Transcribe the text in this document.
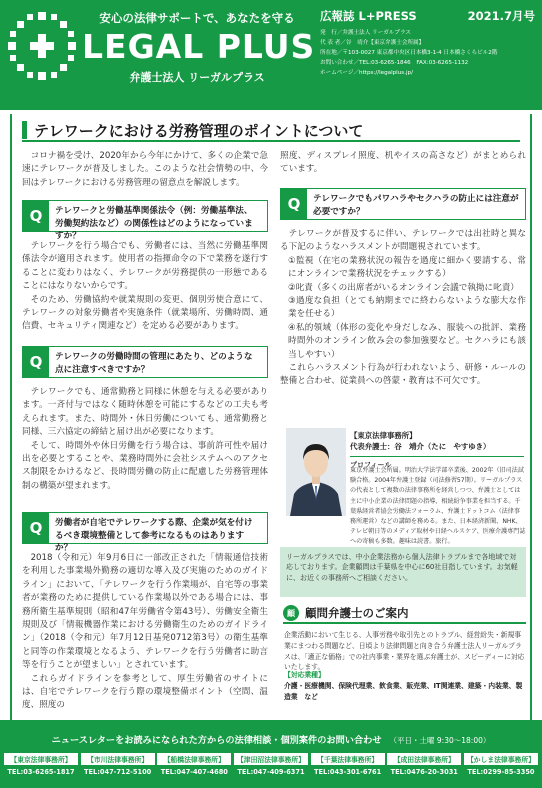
安心の法律サポートで、あなたを守る
LEGAL PLUS
弁護士法人 リーガルプラス
広報誌 L+PRESS	2021.7月号
発　行／弁護士法人 リーガルプラス
代 表 者／谷　靖介【東京弁護士会所属】
所在地／〒103-0027 東京都中央区日本橋3-1-4 日本橋さくらビル2階
お問い合わせ／TEL:03-6265-1846　FAX:03-6265-1132
ホームページ／https://legalplus.jp/
テレワークにおける労務管理のポイントについて

コロナ禍を受け、2020年から今年にかけて、多くの企業で急速にテレワークが普及しました。このような社会情勢の中、今回はテレワークにおける労務管理の留意点を解説します。

Q	テレワークと労働基準関係法令（例：労働基準法、労働契約法など）の関係性はどのようになっていますか？

テレワークを行う場合でも、労働者には、当然に労働基準関係法令が適用されます。使用者の指揮命令の下で業務を遂行することに変わりはなく、テレワークが労務提供の一形態であることにはなりないからです。

そのため、労働協約や就業規則の変更、個別労使合意にて、テレワークの対象労働者や実施条件（就業場所、労働時間、通信費、セキュリティ関連など）を定める必要があります。

Q	テレワークの労働時間の管理にあたり、どのような点に注意すべきですか？

テレワークでも、通常勤務と同様に休憩を与える必要があります。一斉付与ではなく随時休憩を可能にするなどの工夫も考えられます。また、時間外・休日労働についても、通常勤務と同様、三六協定の締結と届け出が必要になります。

そして、時間外や休日労働を行う場合は、事前許可性や届け出を必要とすることや、業務時間外に会社システムへのアクセス制限をかけるなど、長時間労働の防止に配慮した労務管理体制の構築が望まれます。

Q	労働者が自宅でテレワークする際、企業が気を付けるべき環境整備として参考になるものはありますか？

2018（令和元）年9月6日に一部改正された「情報通信技術を利用した事業場外勤務の適切な導入及び実施のためのガイドライン」において、「テレワークを行う作業場が、自宅等の事業者が業務のために提供している作業場以外である場合には、事務所衛生基準規則（昭和47年労働省令第43号）、労働安全衛生規則及び「情報機器作業における労働衛生のためのガイドライン」（2018（令和元）年7月12日基発0712第3号）の衛生基準と同等の作業環境となるよう、テレワークを行う労働者に助言等を行うことが望ましい」とされています。

これらガイドラインを参考として、厚生労働省のサイトには、自宅でテレワークを行う際の環境整備ポイント（空間、温度、照度の

照度、ディスプレイ照度、机やイスの高さなど）がまとめられています。

Q	テレワークでもパワハラやセクハラの防止には注意が必要ですか？

テレワークが普及するに伴い、テレワークでは出社時と異なる下記のようなハラスメントが問題視されています。

①監視（在宅の業務状況の報告を過度に細かく要請する、常にオンラインで業務状況をチェックする）
②叱責（多くの出席者がいるオンライン会議で執拗に叱責）
③過度な負担（とても納期までに終わらないような膨大な作業を任せる）
④私的領域（体形の変化や身だしなみ、服装への批評、業務時間外のオンライン飲み会の参加強要など。セクハラにも該当しやすい）

これらハラスメント行為が行われないよう、研修・ルールの整備と合わせ、従業員への啓蒙・教育は不可欠です。

【東京法律事務所】
代表弁護士：谷　靖介（たに　やすゆき）
プロフィール
東京弁護士会所属。明治大学法学部卒業後、2002年（旧司法試験合格。2004年弁護士登録（司法修習57期）。リーガルプラスの代表として複数の法律事務所を経営しつつ、弁護士としては主に中小企業の法律問題の指導、相続紛争事業を担当する。千葉県経営者協会労働法フォーラム、弁護士ドットコム（法律事務所運営）などの講師を務める。また、日本経済新聞、NHK、テレビ朝日等のメディア取材や日経ヘルスケア、医療介護専門誌への寄稿も多数。趣味は読書。旅行。
リーガルプラスでは、中小企業法務から個人法律トラブルまで各地域で対応しております。企業顧問は千葉県を中心に60社目指しています。お気軽に、お近くの事務所へご相談ください。
顧 顧問弁護士のご案内
企業活動において生じる、人事労務や取引先とのトラブル、経営紛失・新規事業にまつわる問題など、日頃より法律問題と向き合う弁護士法人リーガルプラスは、「適正な価格」での社内事業・業界を選ぶ弁護士が、スピーディーに対応いたします。
【対応業種】
介護・医療機関、保険代理業、飲食業、販売業、IT関連業、建築・内装業、製造業　など
ニュースレターをお読みになられた方からの法律相談・個別案件のお問い合わせ （平日・土曜 9:30〜18:00）
【東京法律事務所】
TEL:03-6265-1817
【市川法律事務所】
TEL:047-712-5100
【船橋法律事務所】
TEL:047-407-4680
【津田沼法律事務所】
TEL:047-409-6371
【千葉法律事務所】
TEL:043-301-6761
【成田法律事務所】
TEL:0476-20-3031
【かしま法律事務所】
TEL:0299-85-3350
